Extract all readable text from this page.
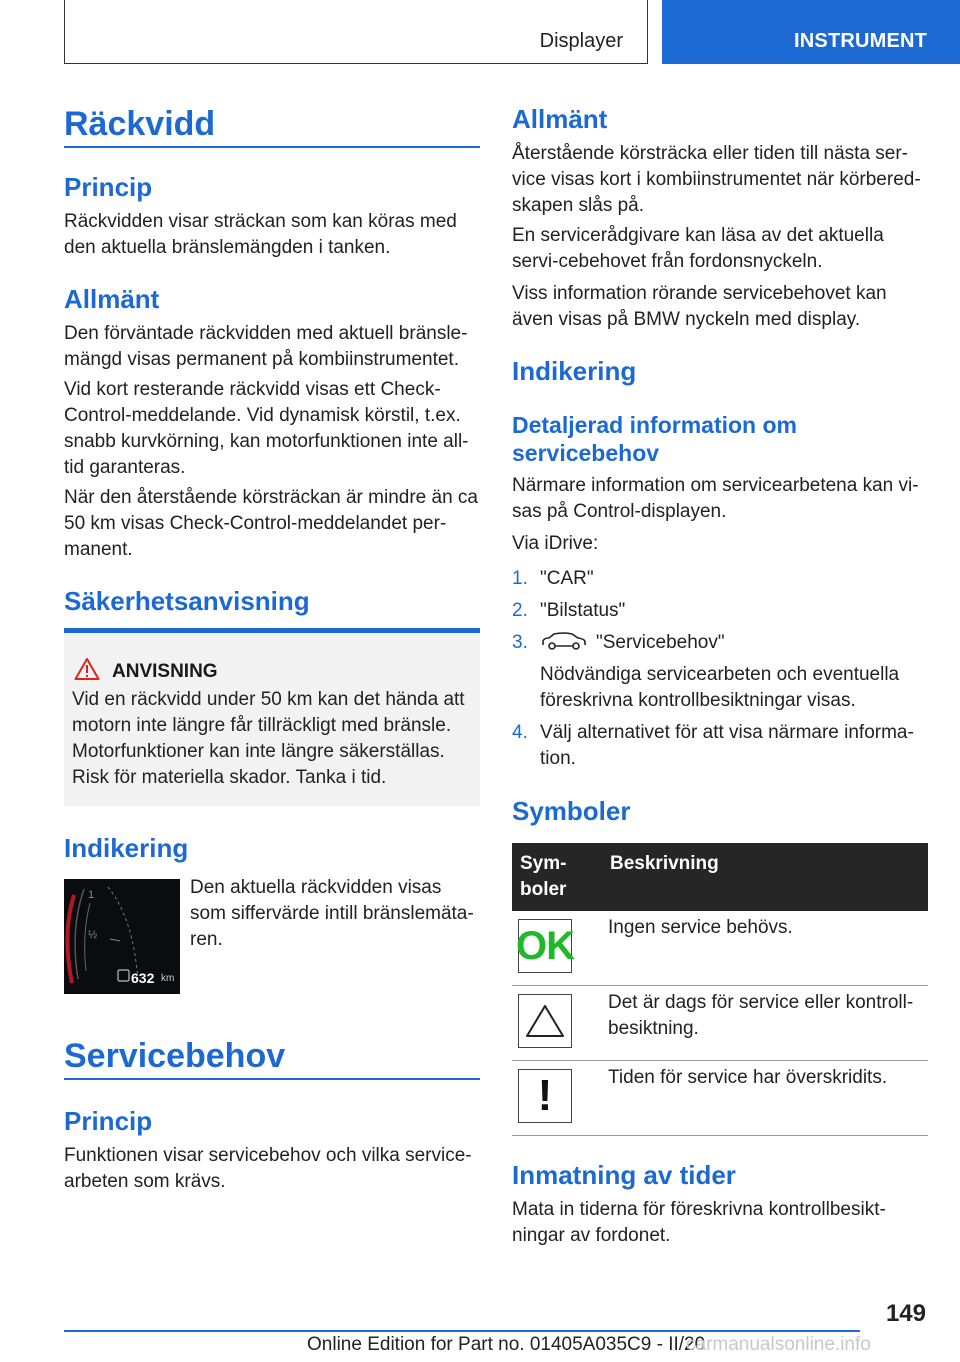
Displayer	INSTRUMENT
Räckvidd
Princip

Räckvidden visar sträckan som kan köras med den aktuella bränslemängden i tanken.

Allmänt

Den förväntade räckvidden med aktuell bränsle-mängd visas permanent på kombiinstrumentet.

Vid kort resterande räckvidd visas ett Check-Control-meddelande. Vid dynamisk körstil, t.ex. snabb kurvkörning, kan motorfunktionen inte all-tid garanteras.

När den återstående körsträckan är mindre än ca 50 km visas Check-Control-meddelandet per-manent.

Säkerhetsanvisning
ANVISNING
Vid en räckvidd under 50 km kan det hända att motorn inte längre får tillräckligt med bränsle. Motorfunktioner kan inte längre säkerställas. Risk för materiella skador. Tanka i tid.
Indikering
1
½
632 km

Den aktuella räckvidden visas som siffervärde intill bränslemäta-ren.

Servicebehov
Princip

Funktionen visar servicebehov och vilka service-arbeten som krävs.

Allmänt

Återstående körsträcka eller tiden till nästa ser-vice visas kort i kombiinstrumentet när körbered-skapen slås på.

En servicerådgivare kan läsa av det aktuella servi-cebehovet från fordonsnyckeln.

Viss information rörande servicebehovet kan även visas på BMW nyckeln med display.

Indikering
Detaljerad information om servicebehov

Närmare information om servicearbetena kan vi-sas på Control-displayen.

Via iDrive:

1. "CAR"
2. "Bilstatus"
3.	"Servicebehov"
Nödvändiga servicearbeten och eventuella föreskrivna kontrollbesiktningar visas.
4. Välj alternativet för att visa närmare informa-tion.
Symboler
Sym-boler	Beskrivning

OK	Ingen service behövs.

	Det är dags för service eller kontroll-besiktning.

!	Tiden för service har överskridits.
Inmatning av tider

Mata in tiderna för föreskrivna kontrollbesikt-ningar av fordonet.

149
Online Edition for Part no. 01405A035C9 - II/20
carmanualsonline.info
